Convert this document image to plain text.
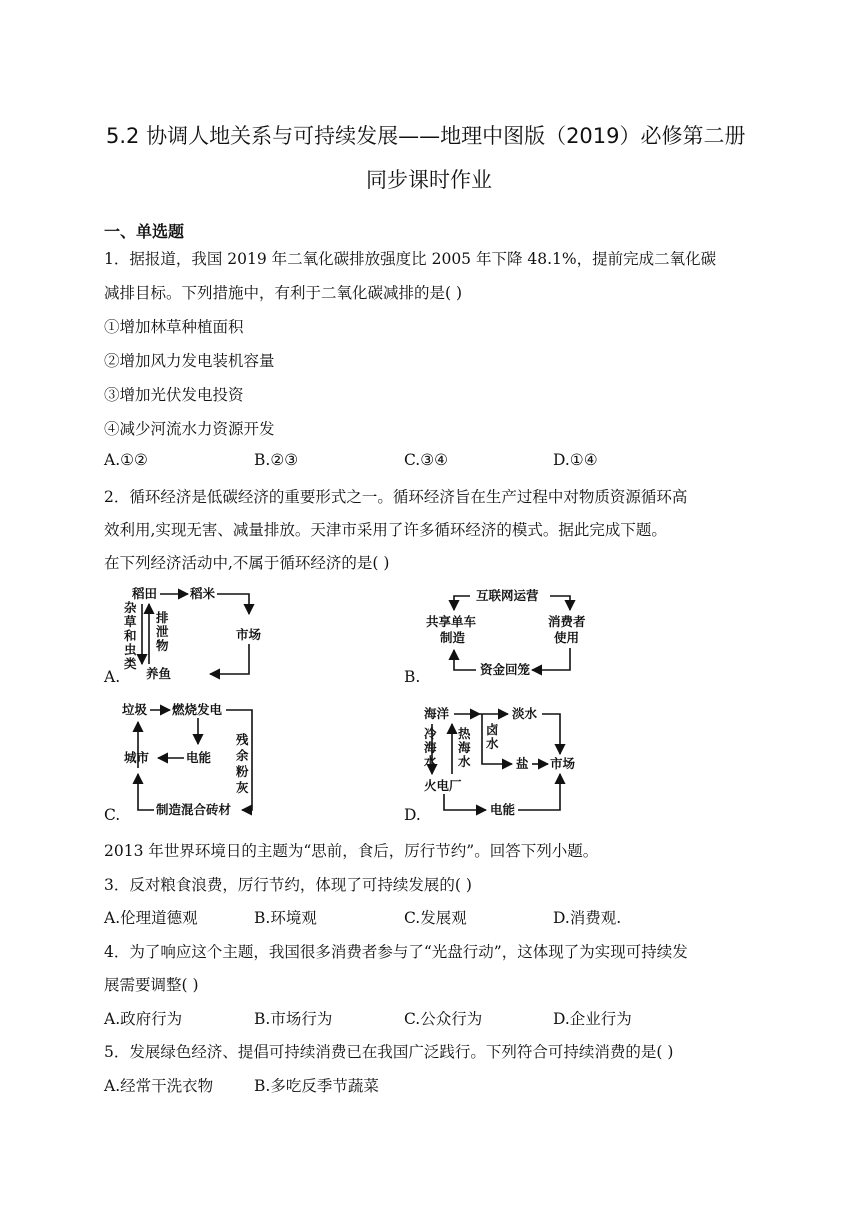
5.2 协调人地关系与可持续发展——地理中图版（2019）必修第二册
同步课时作业
一、单选题
1．据报道，我国 2019 年二氧化碳排放强度比 2005 年下降 48.1%，提前完成二氧化碳
减排目标。下列措施中，有利于二氧化碳减排的是( )
①增加林草种植面积
②增加风力发电装机容量
③增加光伏发电投资
④减少河流水力资源开发
A.①②	B.②③	C.③④	D.①④
2．循环经济是低碳经济的重要形式之一。循环经济旨在生产过程中对物质资源循环高
效利用,实现无害、减量排放。天津市采用了许多循环经济的模式。据此完成下题。
在下列经济活动中,不属于循环经济的是( )
A.	B.
C.	D.
稻田	稻米
市场
养鱼
杂草和虫类
排泄物
互联网运营
共享单车
制造
消费者
使用
资金回笼
垃圾 燃烧发电
电能
城市
残余粉灰
制造混合砖材
海洋	淡水
冷海水
热海水
卤水
盐 市场
火电厂
电能
2013 年世界环境日的主题为“思前，食后，厉行节约”。回答下列小题。
3．反对粮食浪费，厉行节约，体现了可持续发展的( )
A.伦理道德观	B.环境观	C.发展观	D.消费观.
4．为了响应这个主题，我国很多消费者参与了“光盘行动”，这体现了为实现可持续发
展需要调整( )
A.政府行为	B.市场行为	C.公众行为	D.企业行为
5．发展绿色经济、提倡可持续消费已在我国广泛践行。下列符合可持续消费的是( )
A.经常干洗衣物	B.多吃反季节蔬菜
